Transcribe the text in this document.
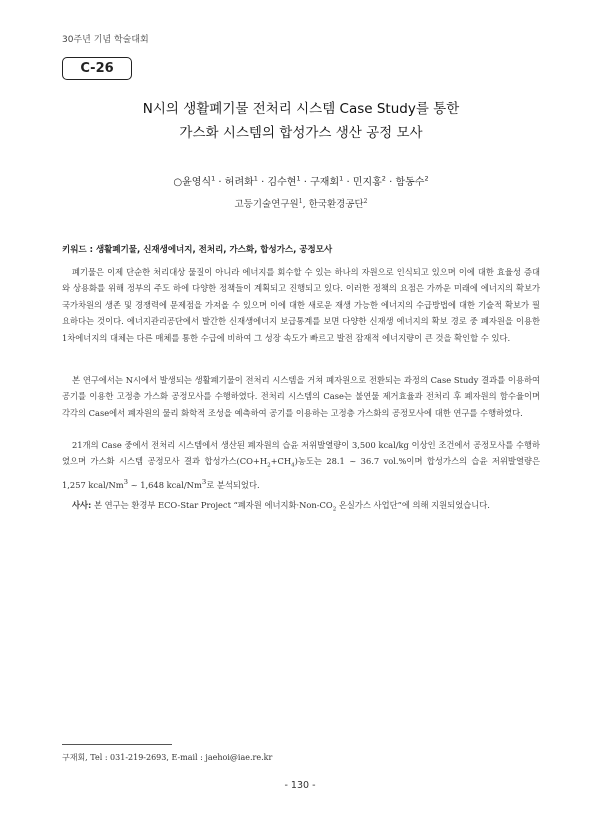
30주년 기념 학술대회
C-26
N시의 생활폐기물 전처리 시스템 Case Study를 통한
가스화 시스템의 합성가스 생산 공정 모사
○윤영식$^1$ · 허려화$^1$ · 김수현$^1$ · 구재회$^1$ · 민지홍$^2$ · 함동수$^2$
고등기술연구원$^1$, 한국환경공단$^2$
키워드 : 생활폐기물, 신재생에너지, 전처리, 가스화, 합성가스, 공정모사

폐기물은 이제 단순한 처리대상 물질이 아니라 에너지를 회수할 수 있는 하나의 자원으로 인식되고 있으며 이에 대한 효율성 증대와 상용화를 위해 정부의 주도 하에 다양한 정책들이 계획되고 진행되고 있다. 이러한 정책의 요점은 가까운 미래에 에너지의 확보가 국가차원의 생존 및 경쟁력에 문제점을 가져올 수 있으며 이에 대한 새로운 재생 가능한 에너지의 수급방법에 대한 기술적 확보가 필요하다는 것이다. 에너지관리공단에서 발간한 신재생에너지 보급통계를 보면 다양한 신재생 에너지의 확보 경로 중 폐자원을 이용한 1차에너지의 대체는 다른 매체를 통한 수급에 비하여 그 성장 속도가 빠르고 발전 잠재적 에너지량이 큰 것을 확인할 수 있다.

본 연구에서는 N시에서 발생되는 생활폐기물이 전처리 시스템을 거쳐 폐자원으로 전환되는 과정의 Case Study 결과를 이용하여 공기를 이용한 고정층 가스화 공정모사를 수행하였다. 전처리 시스템의 Case는 불연물 제거효율과 전처리 후 폐자원의 함수율이며 각각의 Case에서 폐자원의 물리 화학적 조성을 예측하여 공기를 이용하는 고정층 가스화의 공정모사에 대한 연구를 수행하였다.

21개의 Case 중에서 전처리 시스템에서 생산된 폐자원의 습윤 저위발열량이 3,500 kcal/kg 이상인 조건에서 공정모사를 수행하였으며 가스화 시스템 공정모사 결과 합성가스$(CO+H_2+CH_4)$농도는 28.1 ~ 36.7 vol.%이며 합성가스의 습윤 저위발열량은 1,257 kcal/Nm$^3$ ~ 1,648 kcal/Nm$^3$로 분석되었다.

사사: 본 연구는 환경부 ECO-Star Project “폐자원 에너지화$\cdot Non-CO_2$ 온실가스 사업단”에 의해 지원되었습니다.
구재회, Tel : 031-219-2693, E-mail : jaehoi@iae.re.kr
- 130 -
